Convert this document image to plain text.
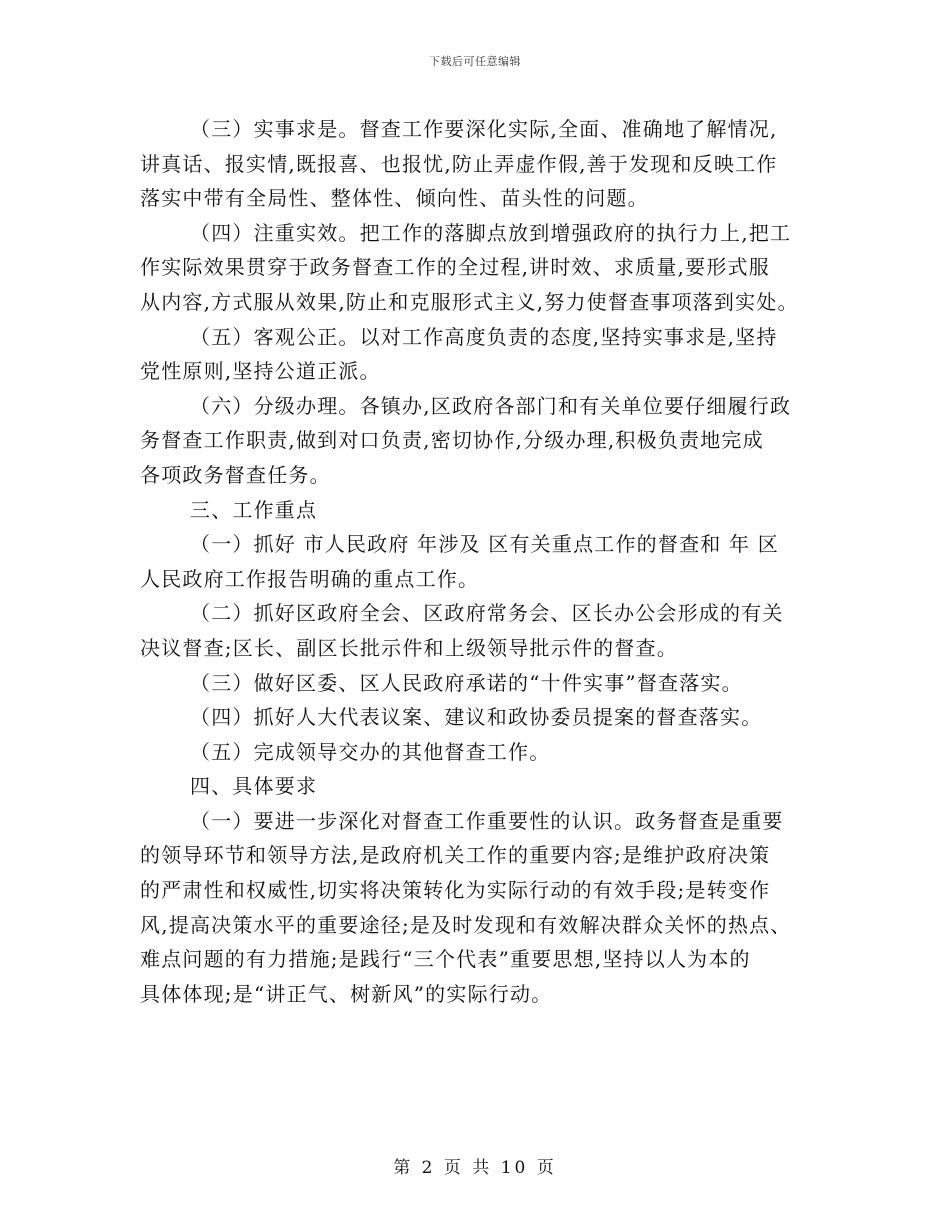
下载后可任意编辑
（三）实事求是。督查工作要深化实际,全面、准确地了解情况,
讲真话、报实情,既报喜、也报忧,防止弄虚作假,善于发现和反映工作
落实中带有全局性、整体性、倾向性、苗头性的问题。
（四）注重实效。把工作的落脚点放到增强政府的执行力上,把工
作实际效果贯穿于政务督查工作的全过程,讲时效、求质量,要形式服
从内容,方式服从效果,防止和克服形式主义,努力使督查事项落到实处。
（五）客观公正。以对工作高度负责的态度,坚持实事求是,坚持
党性原则,坚持公道正派。
（六）分级办理。各镇办,区政府各部门和有关单位要仔细履行政
务督查工作职责,做到对口负责,密切协作,分级办理,积极负责地完成
各项政务督查任务。
三、工作重点
（一）抓好 市人民政府 年涉及 区有关重点工作的督查和 年 区
人民政府工作报告明确的重点工作。
（二）抓好区政府全会、区政府常务会、区长办公会形成的有关
决议督查;区长、副区长批示件和上级领导批示件的督查。
（三）做好区委、区人民政府承诺的“十件实事”督查落实。
（四）抓好人大代表议案、建议和政协委员提案的督查落实。
（五）完成领导交办的其他督查工作。
四、具体要求
（一）要进一步深化对督查工作重要性的认识。政务督查是重要
的领导环节和领导方法,是政府机关工作的重要内容;是维护政府决策
的严肃性和权威性,切实将决策转化为实际行动的有效手段;是转变作
风,提高决策水平的重要途径;是及时发现和有效解决群众关怀的热点、
难点问题的有力措施;是践行“三个代表”重要思想,坚持以人为本的
具体体现;是“讲正气、树新风”的实际行动。
第 2 页 共 10 页
